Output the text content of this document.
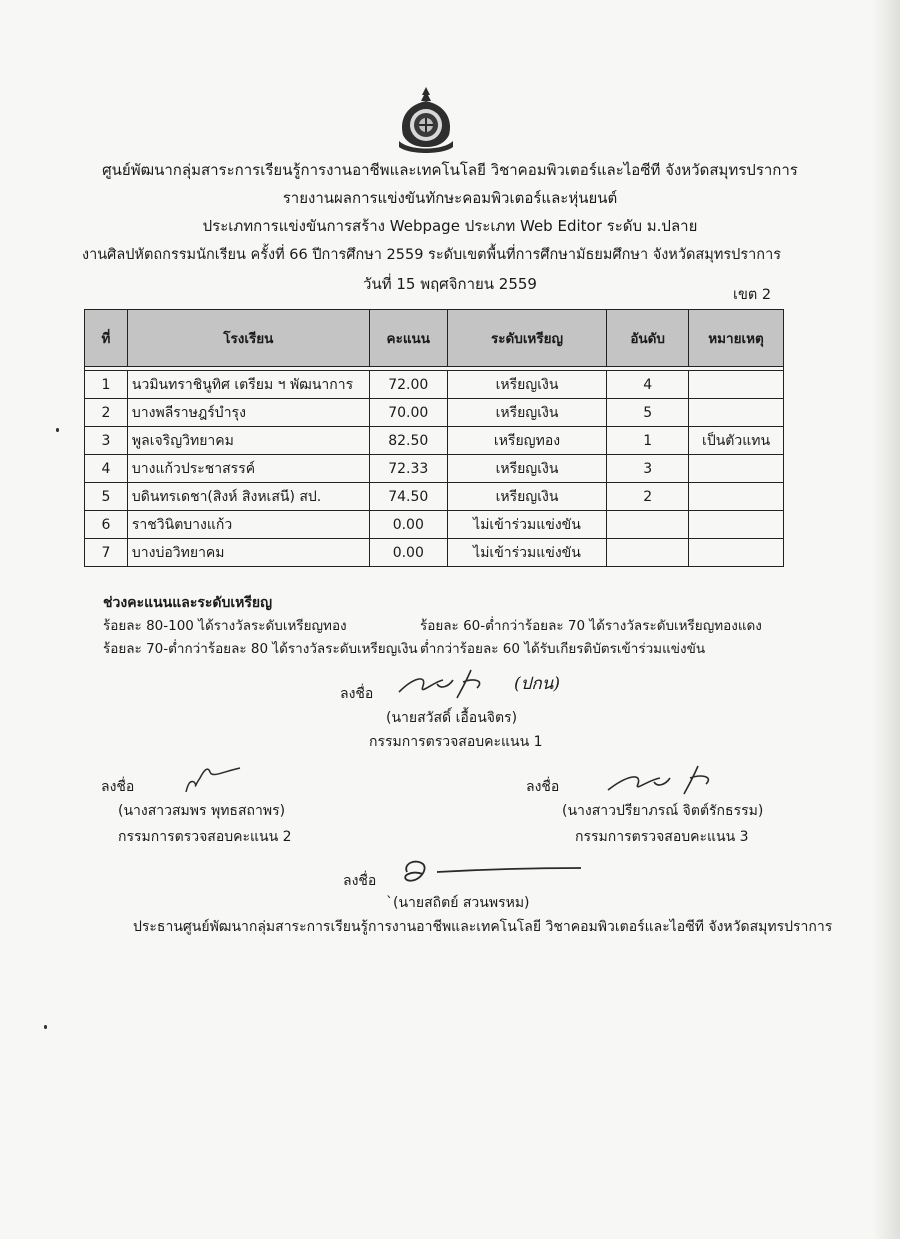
ศูนย์พัฒนากลุ่มสาระการเรียนรู้การงานอาชีพและเทคโนโลยี วิชาคอมพิวเตอร์และไอซีที จังหวัดสมุทรปราการ
รายงานผลการแข่งขันทักษะคอมพิวเตอร์และหุ่นยนต์
ประเภทการแข่งขันการสร้าง Webpage ประเภท Web Editor ระดับ ม.ปลาย
งานศิลปหัตถกรรมนักเรียน ครั้งที่ 66 ปีการศึกษา 2559 ระดับเขตพื้นที่การศึกษามัธยมศึกษา จังหวัดสมุทรปราการ
วันที่ 15 พฤศจิกายน 2559
เขต 2
ที่	โรงเรียน	คะแนน	ระดับเหรียญ	อันดับ	หมายเหตุ

1	นวมินทราชินูทิศ เตรียม ฯ พัฒนาการ	72.00	เหรียญเงิน	4	
2	บางพลีราษฎร์บำรุง	70.00	เหรียญเงิน	5	
3	พูลเจริญวิทยาคม	82.50	เหรียญทอง	1	เป็นตัวแทน
4	บางแก้วประชาสรรค์	72.33	เหรียญเงิน	3	
5	บดินทรเดชา(สิงห์ สิงหเสนี) สป.	74.50	เหรียญเงิน	2	
6	ราชวินิตบางแก้ว	0.00	ไม่เข้าร่วมแข่งขัน		
7	บางบ่อวิทยาคม	0.00	ไม่เข้าร่วมแข่งขัน		
ช่วงคะแนนและระดับเหรียญ
ร้อยละ 80-100 ได้รางวัลระดับเหรียญทอง	ร้อยละ 60-ต่ำกว่าร้อยละ 70 ได้รางวัลระดับเหรียญทองแดง
ร้อยละ 70-ต่ำกว่าร้อยละ 80 ได้รางวัลระดับเหรียญเงิน ต่ำกว่าร้อยละ 60 ได้รับเกียรติบัตรเข้าร่วมแข่งขัน
ลงชื่อ	(ปกน)
(นายสวัสดิ์ เอื้อนจิตร)
กรรมการตรวจสอบคะแนน 1
ลงชื่อ
(นางสาวสมพร พุทธสถาพร)
กรรมการตรวจสอบคะแนน 2
ลงชื่อ
(นางสาวปรียาภรณ์ จิตต์รักธรรม)
กรรมการตรวจสอบคะแนน 3
ลงชื่อ
`(นายสถิตย์ สวนพรหม)
ประธานศูนย์พัฒนากลุ่มสาระการเรียนรู้การงานอาชีพและเทคโนโลยี วิชาคอมพิวเตอร์และไอซีที จังหวัดสมุทรปราการ
